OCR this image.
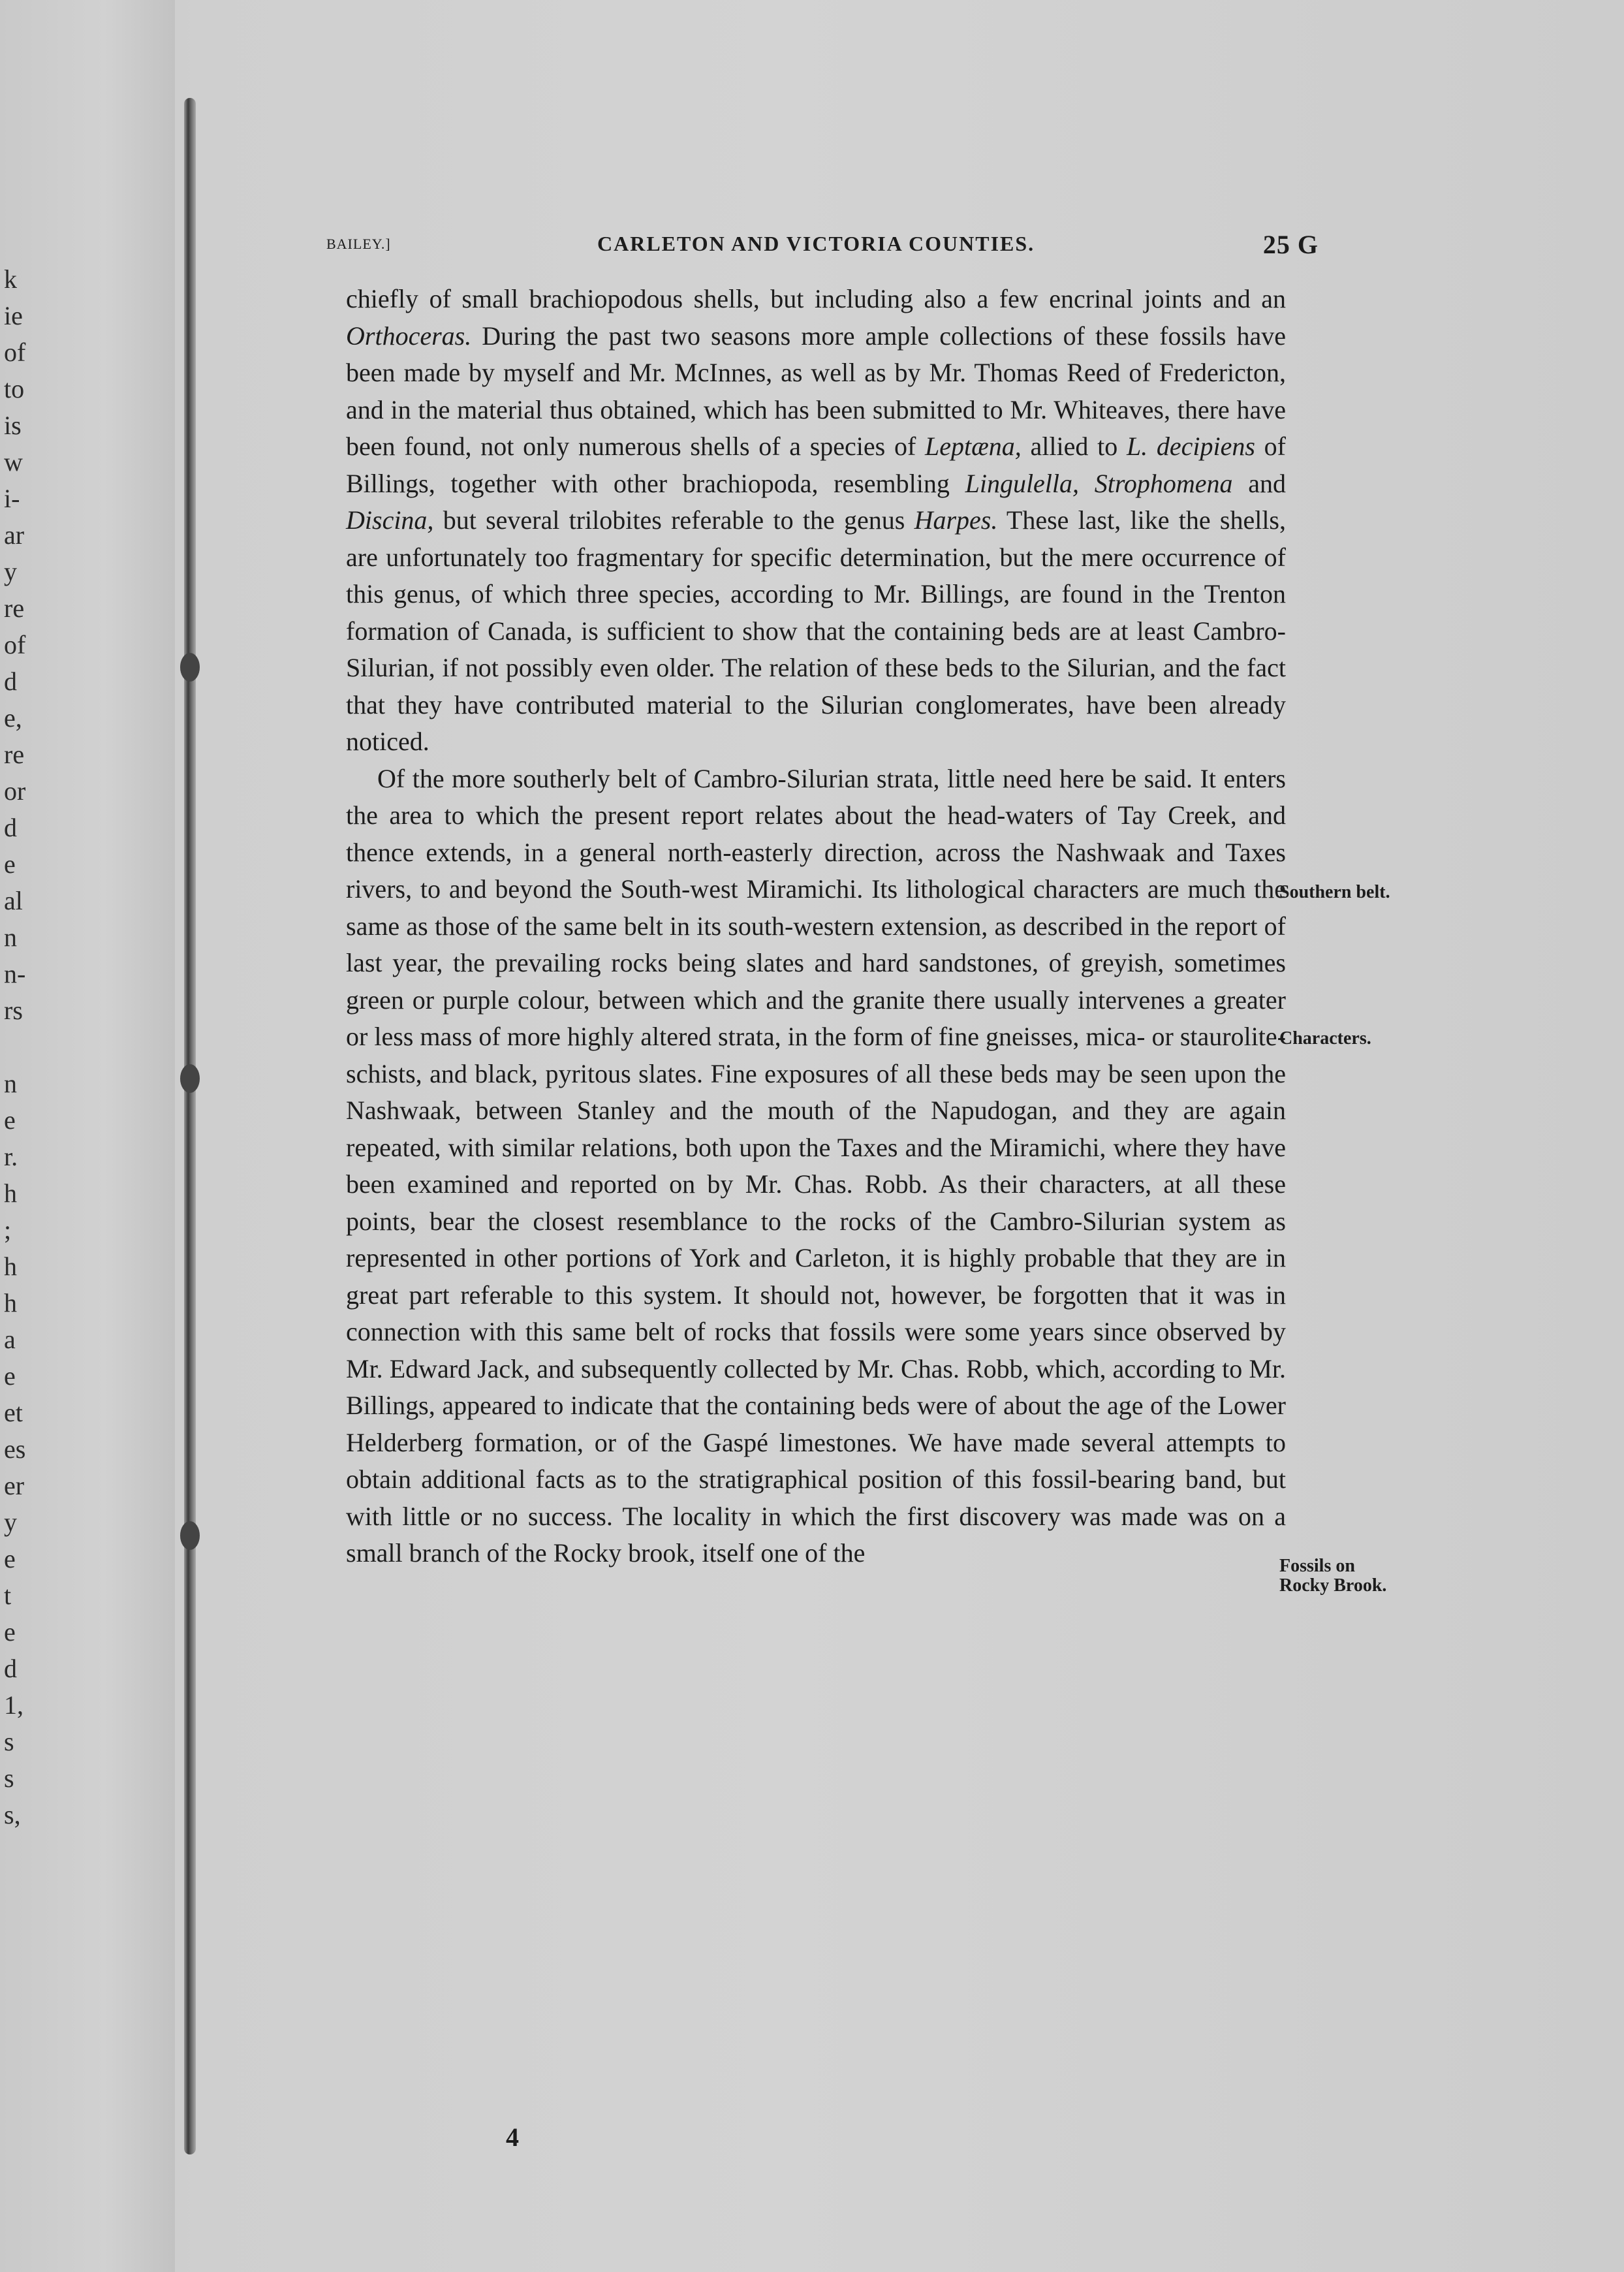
k
ie
of
to
is
w
i-
ar
y
re
of
d
e,
re
or
d
e
al
n
n-
rs
n
e
r.
h
;
h
h
a
e
et
es
er
y
e
t
e
d
1,
s
s
s,
BAILEY.]	CARLETON AND VICTORIA COUNTIES.	25 G

chiefly of small brachiopodous shells, but including also a few encrinal joints and an Orthoceras. During the past two seasons more ample collections of these fossils have been made by myself and Mr. McInnes, as well as by Mr. Thomas Reed of Fredericton, and in the material thus obtained, which has been submitted to Mr. Whiteaves, there have been found, not only numerous shells of a species of Leptæna, allied to L. decipiens of Billings, together with other brachiopoda, resembling Lingulella, Strophomena and Discina, but several trilobites referable to the genus Harpes. These last, like the shells, are unfortunately too fragmentary for specific determination, but the mere occurrence of this genus, of which three species, according to Mr. Billings, are found in the Trenton formation of Canada, is sufficient to show that the containing beds are at least Cambro-Silurian, if not possibly even older. The relation of these beds to the Silurian, and the fact that they have contributed material to the Silurian conglomerates, have been already noticed.

Of the more southerly belt of Cambro-Silurian strata, little need here be said. It enters the area to which the present report relates about the head-waters of Tay Creek, and thence extends, in a general north-easterly direction, across the Nashwaak and Taxes rivers, to and beyond the South-west Miramichi. Its lithological characters are much the same as those of the same belt in its south-western extension, as described in the report of last year, the prevailing rocks being slates and hard sandstones, of greyish, sometimes green or purple colour, between which and the granite there usually intervenes a greater or less mass of more highly altered strata, in the form of fine gneisses, mica- or staurolite-schists, and black, pyritous slates. Fine exposures of all these beds may be seen upon the Nashwaak, between Stanley and the mouth of the Napudogan, and they are again repeated, with similar relations, both upon the Taxes and the Miramichi, where they have been examined and reported on by Mr. Chas. Robb. As their characters, at all these points, bear the closest resemblance to the rocks of the Cambro-Silurian system as represented in other portions of York and Carleton, it is highly probable that they are in great part referable to this system. It should not, however, be forgotten that it was in connection with this same belt of rocks that fossils were some years since observed by Mr. Edward Jack, and subsequently collected by Mr. Chas. Robb, which, according to Mr. Billings, appeared to indicate that the containing beds were of about the age of the Lower Helderberg formation, or of the Gaspé limestones. We have made several attempts to obtain additional facts as to the stratigraphical position of this fossil-bearing band, but with little or no success. The locality in which the first discovery was made was on a small branch of the Rocky brook, itself one of the

Southern belt.
Characters.
Fossils on
Rocky Brook.
4
